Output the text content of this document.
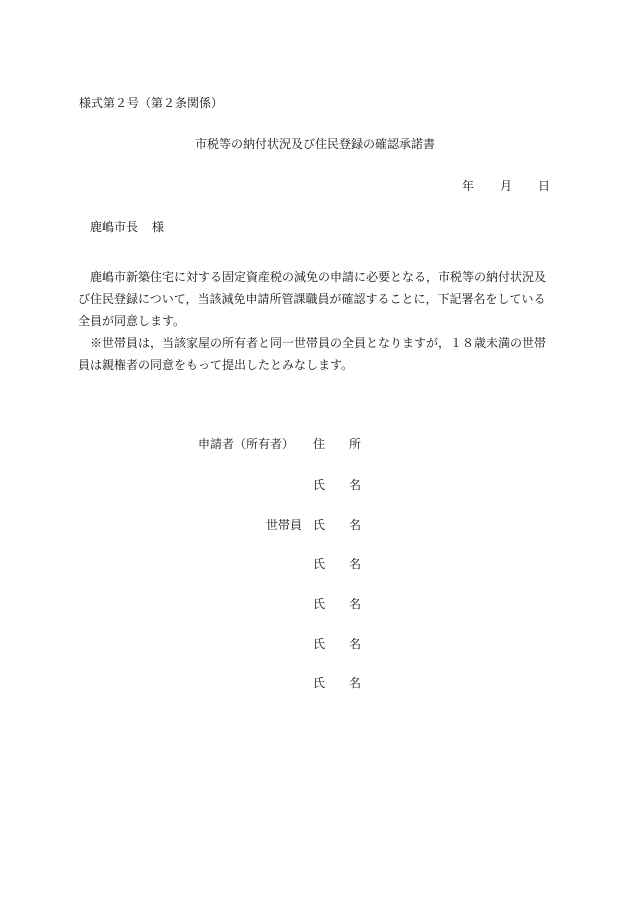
様式第２号（第２条関係）
市税等の納付状況及び住民登録の確認承諾書
年 月 日
鹿嶋市長 様

鹿嶋市新築住宅に対する固定資産税の減免の申請に必要となる，市税等の納付状況及び住民登録について，当該減免申請所管課職員が確認することに，下記署名をしている全員が同意します。

※世帯員は，当該家屋の所有者と同一世帯員の全員となりますが，１８歳未満の世帯員は親権者の同意をもって提出したとみなします。

申請者（所有者） 住 所
氏 名
世帯員 氏 名
氏 名
氏 名
氏 名
氏 名
